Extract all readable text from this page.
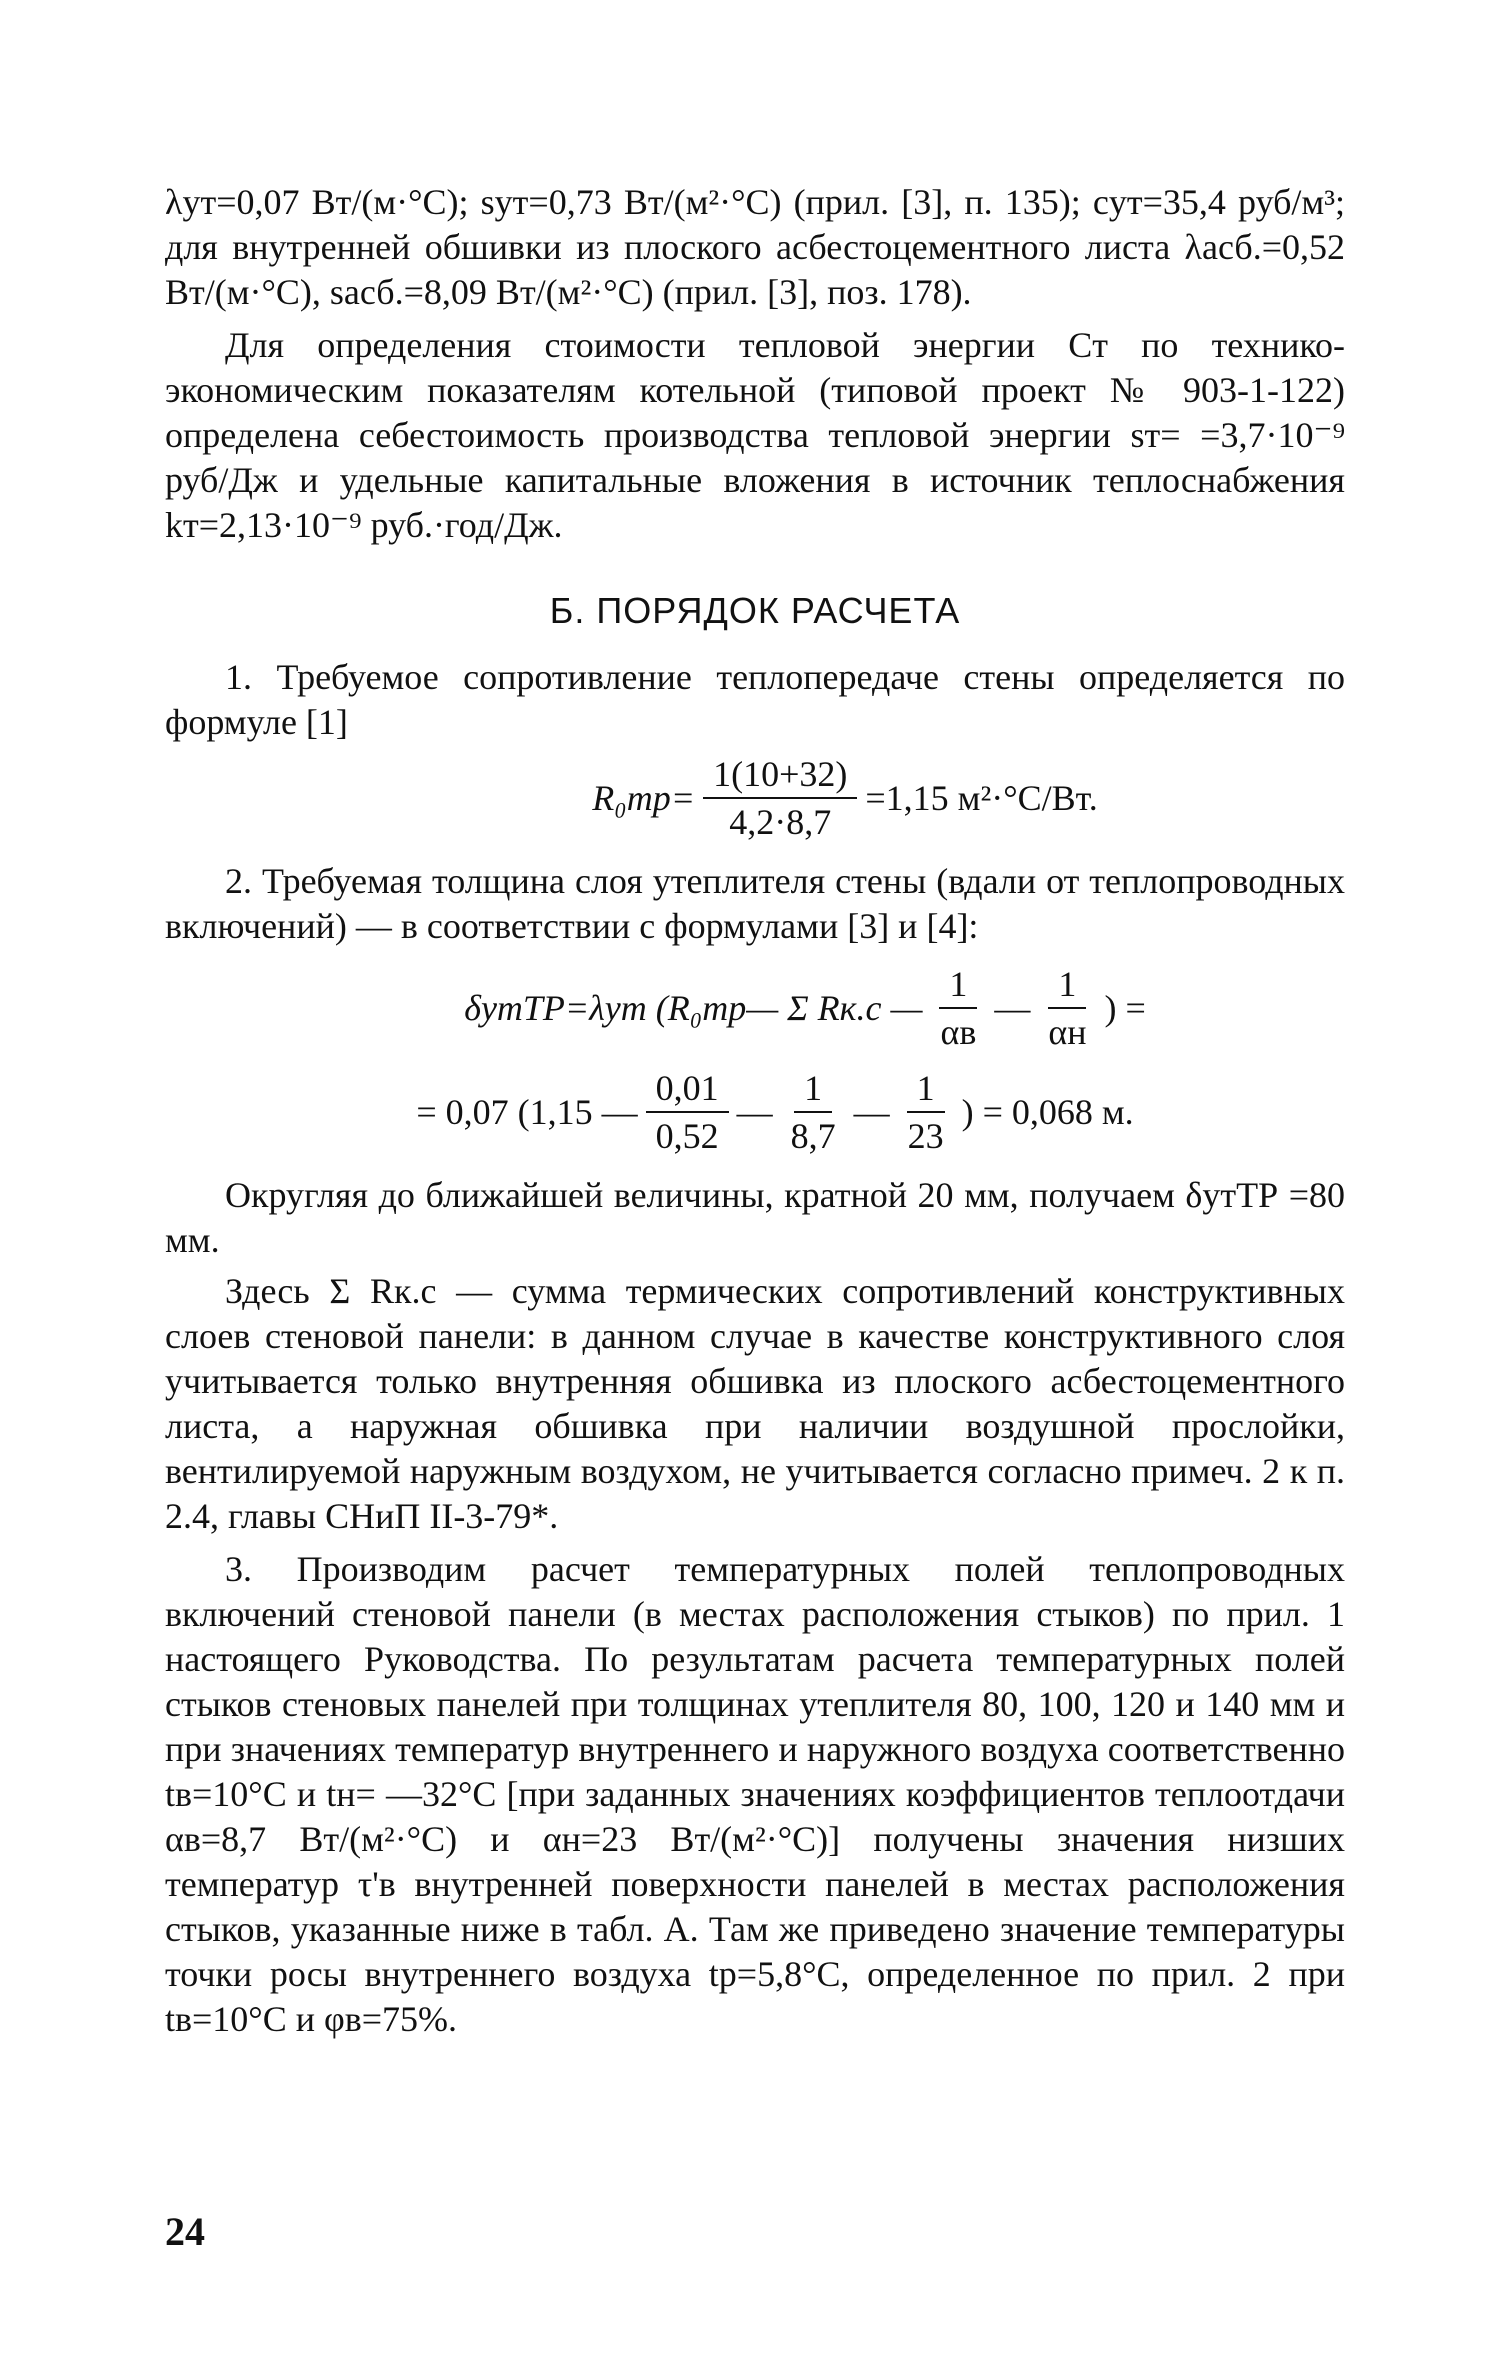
λут=0,07 Вт/(м·°С); sут=0,73 Вт/(м²·°С) (прил. [3], п. 135); cут=35,4 руб/м³; для внутренней обшивки из плоского асбестоцементного листа λасб.=0,52 Вт/(м·°С), sасб.=8,09 Вт/(м²·°С) (прил. [3], поз. 178).

Для определения стоимости тепловой энергии Cт по технико-экономическим показателям котельной (типовой проект № 903-1-122) определена себестоимость производства тепловой энергии sт= =3,7·10⁻⁹ руб/Дж и удельные капитальные вложения в источник теплоснабжения kт=2,13·10⁻⁹ руб.·год/Дж.

Б. ПОРЯДОК РАСЧЕТА

1. Требуемое сопротивление теплопередаче стены определяется по формуле [1]

$R_0тр= \frac{1(10+32)}{4,2\cdot 8,7} =1,15$ м²·°С/Вт.

2. Требуемая толщина слоя утеплителя стены (вдали от теплопроводных включений) — в соответствии с формулами [3] и [4]:

δутТР=λут (R₀тр— Σ Rк.с — $\frac{1}{\alpha в}$ — $\frac{1}{\alpha н}$ ) =
= 0,07 (1,15 — $\frac{0,01}{0,52}$ — $\frac{1}{8,7}$ — $\frac{1}{23}$ ) = 0,068 м.

Округляя до ближайшей величины, кратной 20 мм, получаем δутТР =80 мм.

Здесь Σ Rк.с — сумма термических сопротивлений конструктивных слоев стеновой панели: в данном случае в качестве конструктивного слоя учитывается только внутренняя обшивка из плоского асбестоцементного листа, а наружная обшивка при наличии воздушной прослойки, вентилируемой наружным воздухом, не учитывается согласно примеч. 2 к п. 2.4, главы СНиП II-3-79*.

3. Производим расчет температурных полей теплопроводных включений стеновой панели (в местах расположения стыков) по прил. 1 настоящего Руководства. По результатам расчета температурных полей стыков стеновых панелей при толщинах утеплителя 80, 100, 120 и 140 мм и при значениях температур внутреннего и наружного воздуха соответственно tв=10°С и tн= —32°С [при заданных значениях коэффициентов теплоотдачи αв=8,7 Вт/(м²·°С) и αн=23 Вт/(м²·°С)] получены значения низших температур τ'в внутренней поверхности панелей в местах расположения стыков, указанные ниже в табл. А. Там же приведено значение температуры точки росы внутреннего воздуха tр=5,8°С, определенное по прил. 2 при tв=10°С и φв=75%.

24
